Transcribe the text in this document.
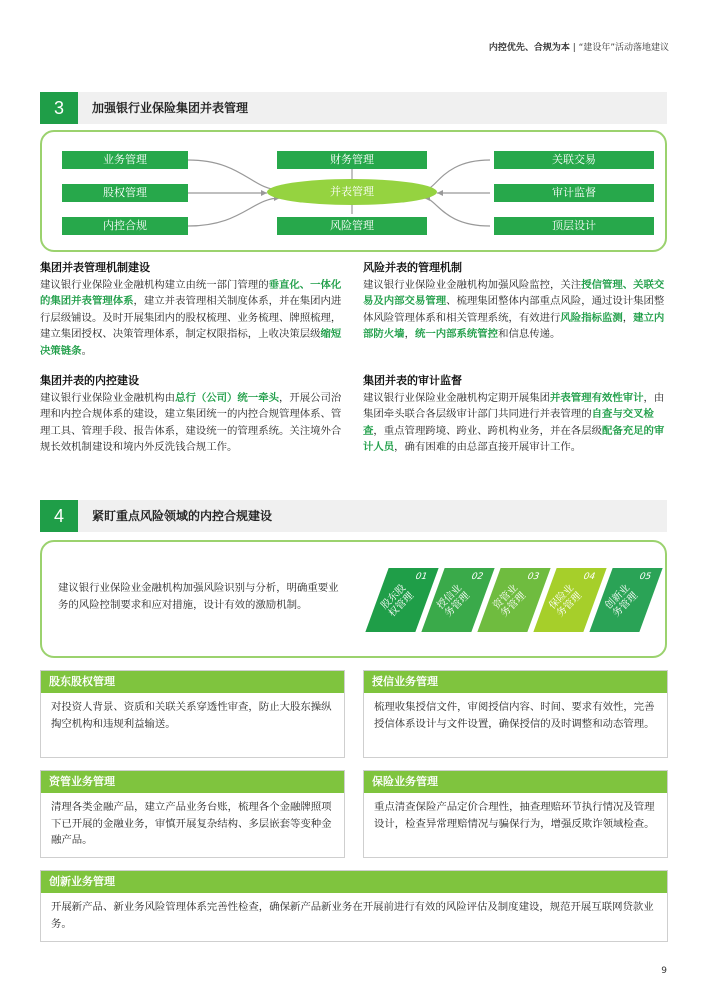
内控优先、合规为本 | “建设年”活动落地建议
3	加强银行业保险集团并表管理
业务管理
股权管理
内控合规
财务管理
并表管理
风险管理
关联交易
审计监督
顶层设计
集团并表管理机制建设
建议银行业保险业金融机构建立由统一部门管理的垂直化、一体化的集团并表管理体系，建立并表管理相关制度体系，并在集团内进行层级铺设。及时开展集团内的股权梳理、业务梳理、牌照梳理，建立集团授权、决策管理体系，制定权限指标，上收决策层级缩短决策链条。
风险并表的管理机制
建议银行业保险业金融机构加强风险监控，关注授信管理、关联交易及内部交易管理、梳理集团整体内部重点风险，通过设计集团整体风险管理体系和相关管理系统，有效进行风险指标监测，建立内部防火墙，统一内部系统管控和信息传递。
集团并表的内控建设
建议银行业保险业金融机构由总行（公司）统一牵头，开展公司治理和内控合规体系的建设，建立集团统一的内控合规管理体系、管理工具、管理手段、报告体系，建设统一的管理系统。关注境外合规长效机制建设和境内外反洗钱合规工作。
集团并表的审计监督
建议银行业保险业金融机构定期开展集团并表管理有效性审计，由集团牵头联合各层级审计部门共同进行并表管理的自查与交叉检查，重点管理跨境、跨业、跨机构业务，并在各层级配备充足的审计人员，确有困难的由总部直接开展审计工作。
4	紧盯重点风险领域的内控合规建设
建议银行业保险业金融机构加强风险识别与分析，明确重要业务的风险控制要求和应对措施，设计有效的激励机制。
01
股东股
权管理
02
授信业
务管理
03
资管业
务管理
04
保险业
务管理
05
创新业
务管理
股东股权管理
对投资人背景、资质和关联关系穿透性审查，防止大股东操纵掏空机构和违规利益输送。
授信业务管理
梳理收集授信文件，审阅授信内容、时间、要求有效性，完善授信体系设计与文件设置，确保授信的及时调整和动态管理。
资管业务管理
清理各类金融产品，建立产品业务台账，梳理各个金融牌照项下已开展的金融业务，审慎开展复杂结构、多层嵌套等变种金融产品。
保险业务管理
重点清查保险产品定价合理性，抽查理赔环节执行情况及管理设计，检查异常理赔情况与骗保行为，增强反欺诈领域检查。
创新业务管理
开展新产品、新业务风险管理体系完善性检查，确保新产品新业务在开展前进行有效的风险评估及制度建设，规范开展互联网贷款业务。
9
